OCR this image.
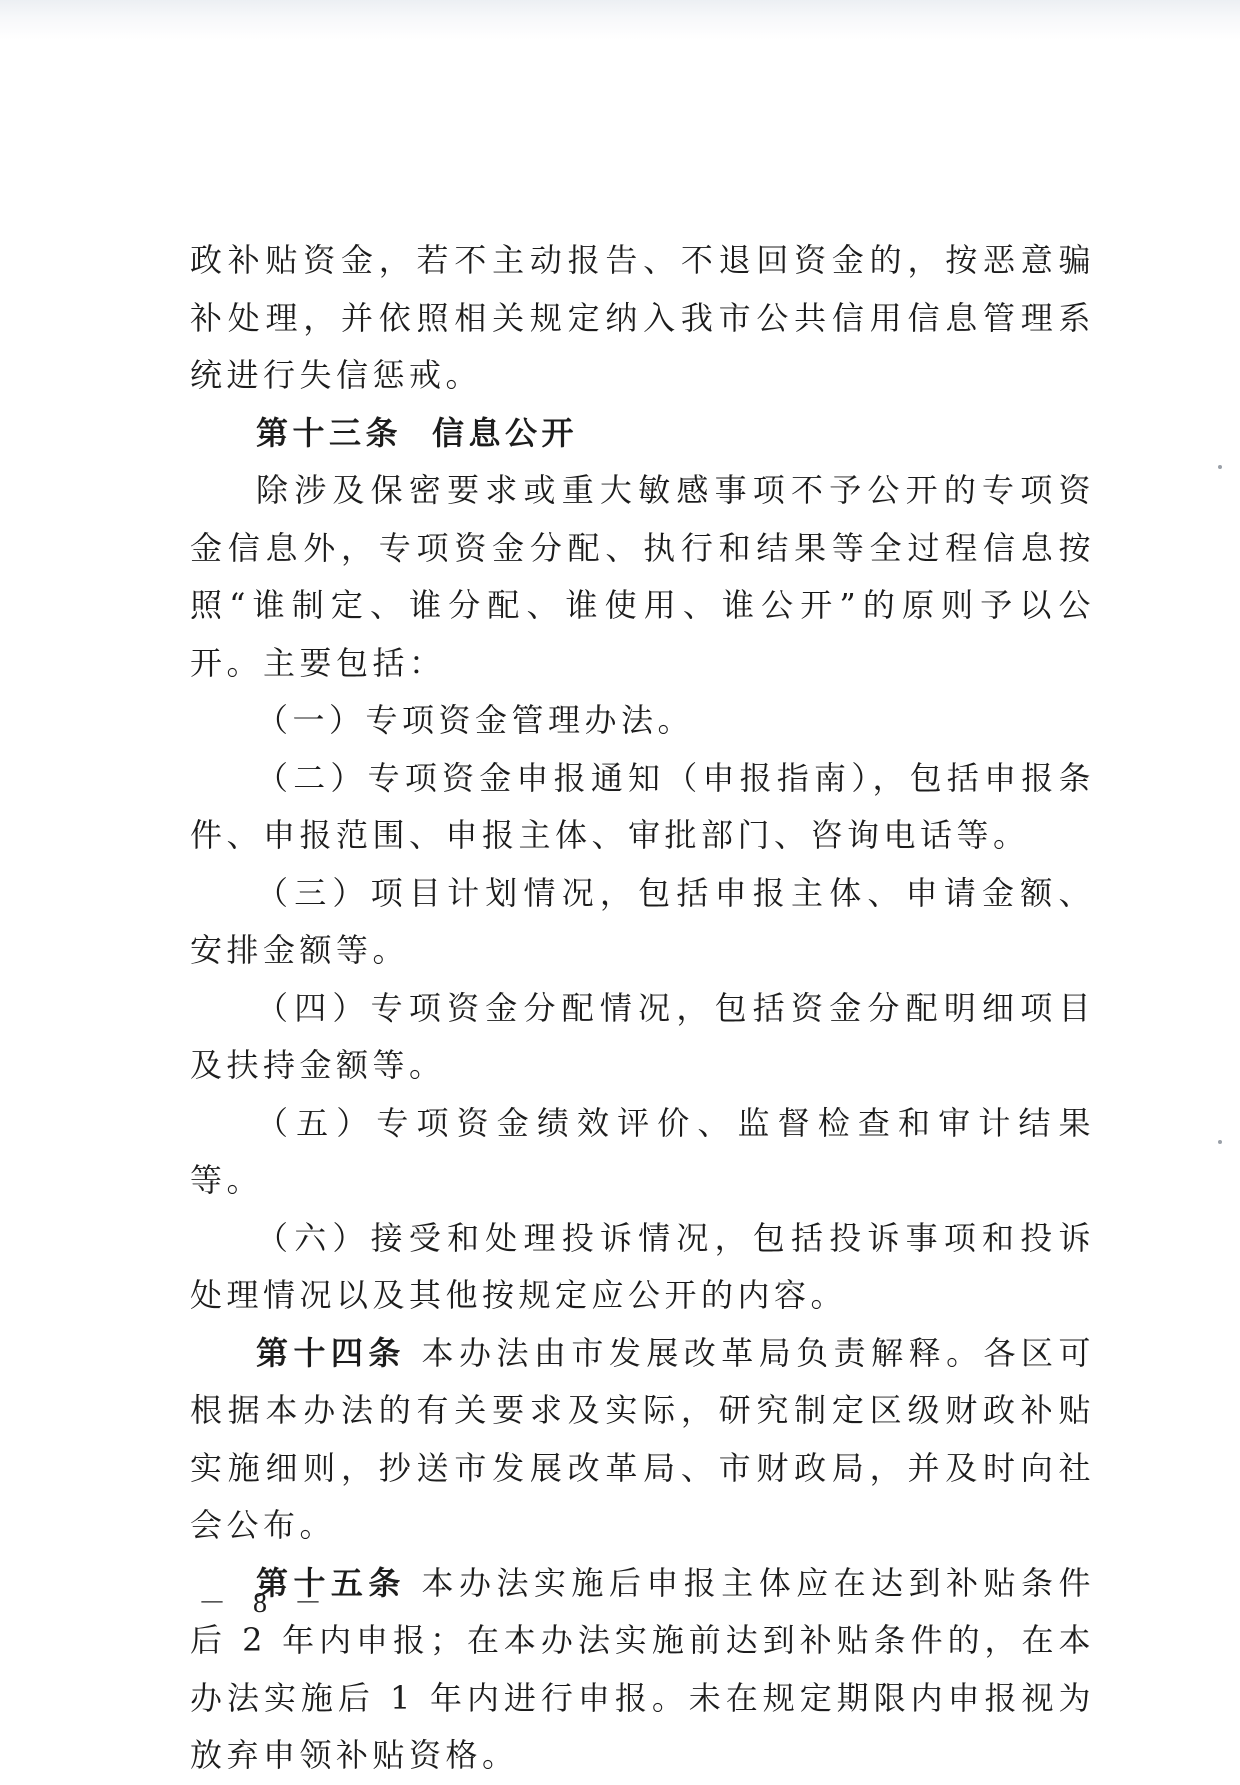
政补贴资金，若不主动报告、不退回资金的，按恶意骗补处理，并依照相关规定纳入我市公共信用信息管理系统进行失信惩戒。

第十三条 信息公开

除涉及保密要求或重大敏感事项不予公开的专项资金信息外，专项资金分配、执行和结果等全过程信息按照“谁制定、谁分配、谁使用、谁公开”的原则予以公开。主要包括：

（一）专项资金管理办法。

（二）专项资金申报通知（申报指南），包括申报条件、申报范围、申报主体、审批部门、咨询电话等。

（三）项目计划情况，包括申报主体、申请金额、安排金额等。

（四）专项资金分配情况，包括资金分配明细项目及扶持金额等。

（五）专项资金绩效评价、监督检查和审计结果等。

（六）接受和处理投诉情况，包括投诉事项和投诉处理情况以及其他按规定应公开的内容。

第十四条 本办法由市发展改革局负责解释。各区可根据本办法的有关要求及实际，研究制定区级财政补贴实施细则，抄送市发展改革局、市财政局，并及时向社会公布。

第十五条 本办法实施后申报主体应在达到补贴条件后 2 年内申报；在本办法实施前达到补贴条件的，在本办法实施后 1 年内进行申报。未在规定期限内申报视为放弃申领补贴资格。

－ 8 －
